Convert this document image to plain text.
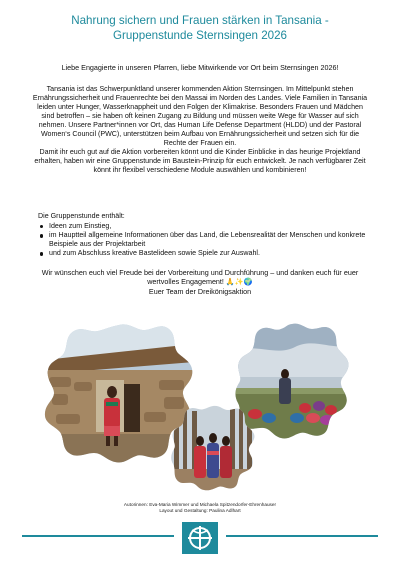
Nahrung sichern und Frauen stärken in Tansania -
Gruppenstunde Sternsingen 2026
Liebe Engagierte in unseren Pfarren, liebe Mitwirkende vor Ort beim Sternsingen 2026!

Tansania ist das Schwerpunktland unserer kommenden Aktion Sternsingen. Im Mittelpunkt stehen Ernährungssicherheit und Frauenrechte bei den Massai im Norden des Landes. Viele Familien in Tansania leiden unter Hunger, Wasserknappheit und den Folgen der Klimakrise. Besonders Frauen und Mädchen sind betroffen – sie haben oft keinen Zugang zu Bildung und müssen weite Wege für Wasser auf sich nehmen. Unsere Partner*innen vor Ort, das Human Life Defense Department (HLDD) und der Pastoral Women‘s Council (PWC), unterstützen beim Aufbau von Ernährungssicherheit und setzen sich für die Rechte der Frauen ein.

Damit ihr euch gut auf die Aktion vorbereiten könnt und die Kinder Einblicke in das heurige Projektland erhalten, haben wir eine Gruppenstunde im Baustein-Prinzip für euch entwickelt. Je nach verfügbarer Zeit könnt ihr flexibel verschiedene Module auswählen und kombinieren!

Die Gruppenstunde enthält:
Ideen zum Einstieg,
im Hauptteil allgemeine Informationen über das Land, die Lebensrealität der Menschen und konkrete Beispiele aus der Projektarbeit
und zum Abschluss kreative Bastelideen sowie Spiele zur Auswahl.
Wir wünschen euch viel Freude bei der Vorbereitung und Durchführung – und danken euch für euer wertvolles Engagement! 🙏✨🌍
Euer Team der Dreikönigsaktion
Autorinnen: Eva-Maria Wimmer und Michaela Spitzendorfer-Ehrenhauser
Layout und Gestaltung: Paulina Adlhart
